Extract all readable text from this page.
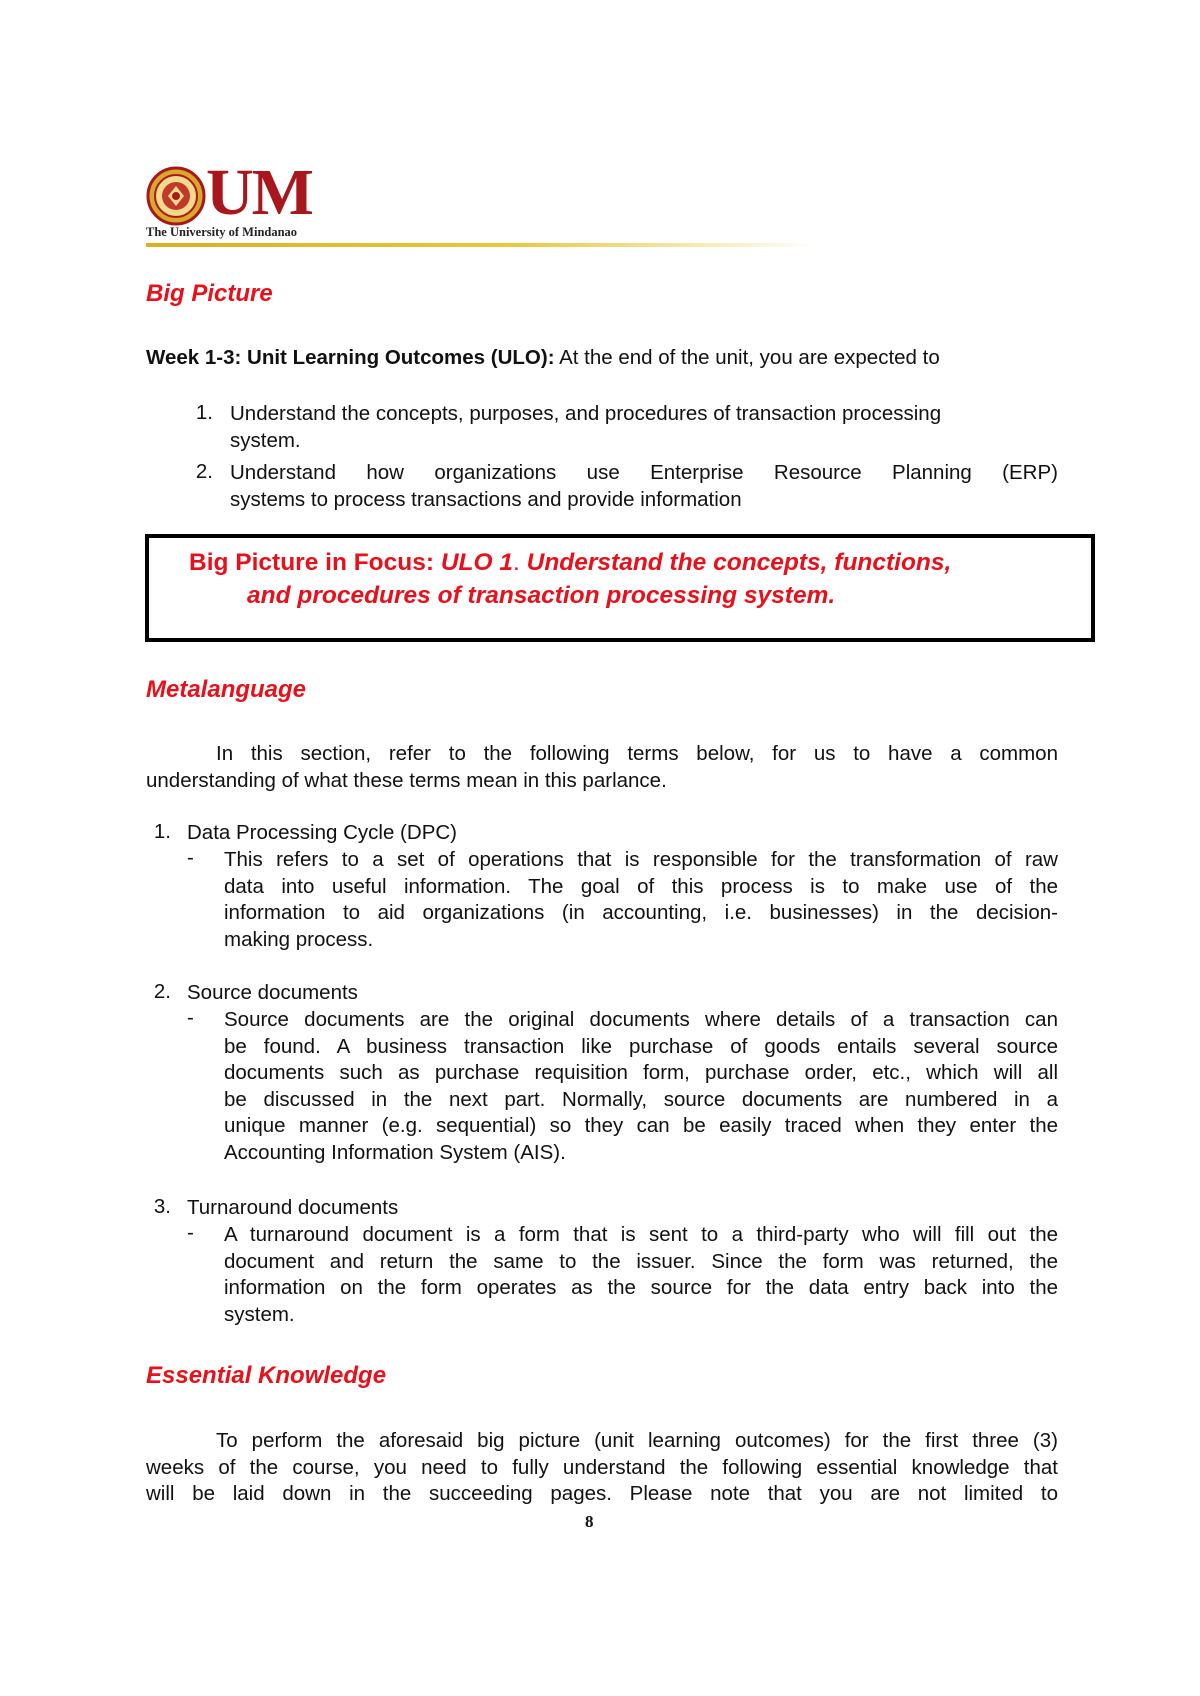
UM
The University of Mindanao
Big Picture

Week 1-3: Unit Learning Outcomes (ULO): At the end of the unit, you are expected to

1. Understand the concepts, purposes, and procedures of transaction processing
system.
2. Understand how organizations use Enterprise Resource Planning (ERP)
systems to process transactions and provide information
Big Picture in Focus: ULO 1. Understand the concepts, functions,
and procedures of transaction processing system.
Metalanguage
In this section, refer to the following terms below, for us to have a common
understanding of what these terms mean in this parlance.
1. Data Processing Cycle (DPC)
- This refers to a set of operations that is responsible for the transformation of raw
data into useful information. The goal of this process is to make use of the
information to aid organizations (in accounting, i.e. businesses) in the decision-
making process.
2. Source documents
- Source documents are the original documents where details of a transaction can
be found. A business transaction like purchase of goods entails several source
documents such as purchase requisition form, purchase order, etc., which will all
be discussed in the next part. Normally, source documents are numbered in a
unique manner (e.g. sequential) so they can be easily traced when they enter the
Accounting Information System (AIS).
3. Turnaround documents
- A turnaround document is a form that is sent to a third-party who will fill out the
document and return the same to the issuer. Since the form was returned, the
information on the form operates as the source for the data entry back into the
system.
Essential Knowledge
To perform the aforesaid big picture (unit learning outcomes) for the first three (3)
weeks of the course, you need to fully understand the following essential knowledge that
will be laid down in the succeeding pages. Please note that you are not limited to
8
